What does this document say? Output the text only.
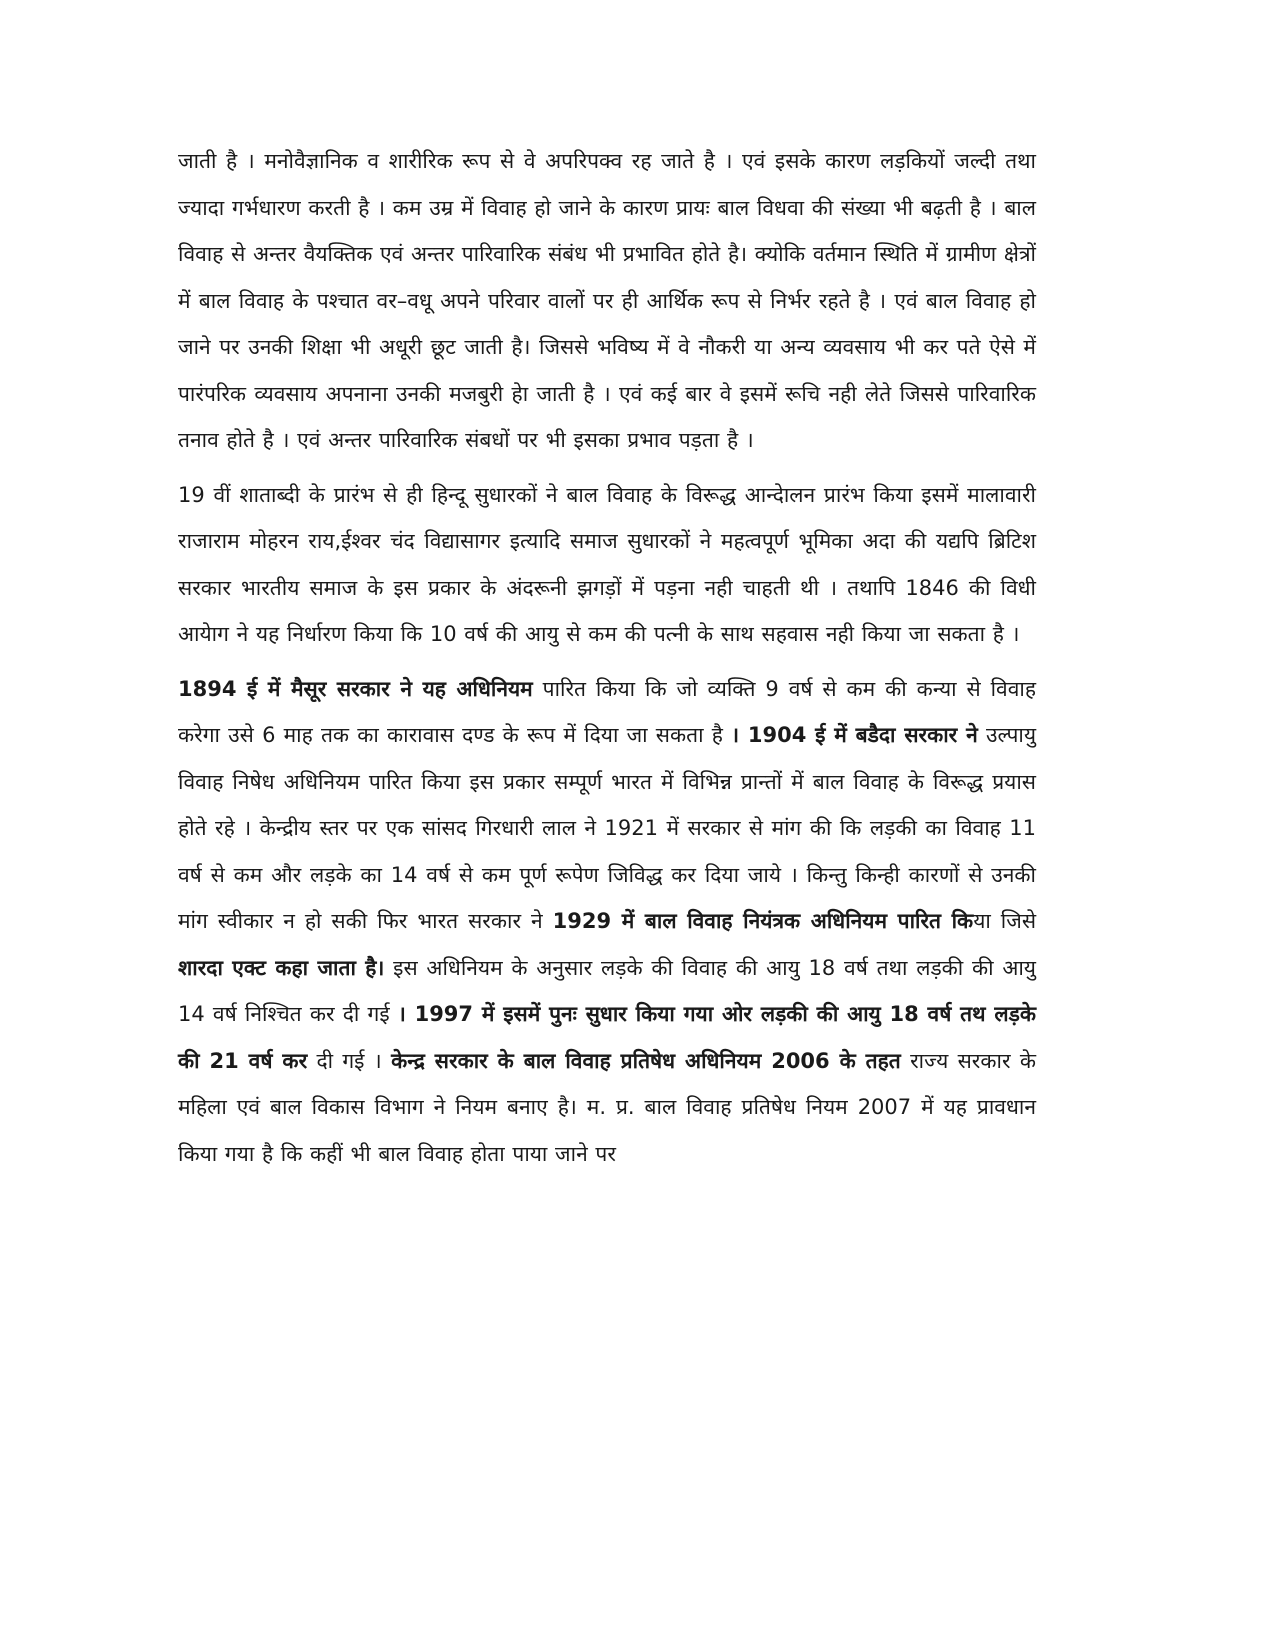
जाती है । मनोवैज्ञानिक व शारीरिक रूप से वे अपरिपक्व रह जाते है । एवं इसके कारण लड़कियों जल्दी तथा ज्यादा गर्भधारण करती है । कम उम्र में विवाह हो जाने के कारण प्रायः बाल विधवा की संख्या भी बढ़ती है । बाल विवाह से अन्तर वैयक्तिक एवं अन्तर पारिवारिक संबंध भी प्रभावित होते है। क्योकि वर्तमान स्थिति में ग्रामीण क्षेत्रों में बाल विवाह के पश्चात वर–वधू अपने परिवार वालों पर ही आर्थिक रूप से निर्भर रहते है । एवं बाल विवाह हो जाने पर उनकी शिक्षा भी अधूरी छूट जाती है। जिससे भविष्य में वे नौकरी या अन्य व्यवसाय भी कर पते ऐसे में पारंपरिक व्यवसाय अपनाना उनकी मजबुरी हेा जाती है । एवं कई बार वे इसमें रूचि नही लेते जिससे पारिवारिक तनाव होते है । एवं अन्तर पारिवारिक संबधों पर भी इसका प्रभाव पड़ता है ।

19 वीं शाताब्दी के प्रारंभ से ही हिन्दू सुधारकों ने बाल विवाह के विरूद्ध आन्देालन प्रारंभ किया इसमें मालावारी राजाराम मोहरन राय,ईश्वर चंद विद्यासागर इत्यादि समाज सुधारकों ने महत्वपूर्ण भूमिका अदा की यद्यपि ब्रिटिश सरकार भारतीय समाज के इस प्रकार के अंदरूनी झगड़ों में पड़ना नही चाहती थी । तथापि 1846 की विधी आयेाग ने यह निर्धारण किया कि 10 वर्ष की आयु से कम की पत्नी के साथ सहवास नही किया जा सकता है ।

1894 ई में मैसूर सरकार ने यह अधिनियम पारित किया कि जो व्यक्ति 9 वर्ष से कम की कन्या से विवाह करेगा उसे 6 माह तक का कारावास दण्ड के रूप में दिया जा सकता है । 1904 ई में बडैदा सरकार ने उल्पायु विवाह निषेध अधिनियम पारित किया इस प्रकार सम्पूर्ण भारत में विभिन्न प्रान्तों में बाल विवाह के विरूद्ध प्रयास होते रहे । केन्द्रीय स्तर पर एक सांसद गिरधारी लाल ने 1921 में सरकार से मांग की कि लड़की का विवाह 11 वर्ष से कम और लड़के का 14 वर्ष से कम पूर्ण रूपेण जिविद्ध कर दिया जाये । किन्तु किन्ही कारणों से उनकी मांग स्वीकार न हो सकी फिर भारत सरकार ने 1929 में बाल विवाह नियंत्रक अधिनियम पारित किया जिसे शारदा एक्ट कहा जाता है। इस अधिनियम के अनुसार लड़के की विवाह की आयु 18 वर्ष तथा लड़की की आयु 14 वर्ष निश्चित कर दी गई । 1997 में इसमें पुनः सुधार किया गया ओर लड़की की आयु 18 वर्ष तथ लड़के की 21 वर्ष कर दी गई । केन्द्र सरकार के बाल विवाह प्रतिषेध अधिनियम 2006 के तहत राज्य सरकार के महिला एवं बाल विकास विभाग ने नियम बनाए है। म. प्र. बाल विवाह प्रतिषेध नियम 2007 में यह प्रावधान किया गया है कि कहीं भी बाल विवाह होता पाया जाने पर
